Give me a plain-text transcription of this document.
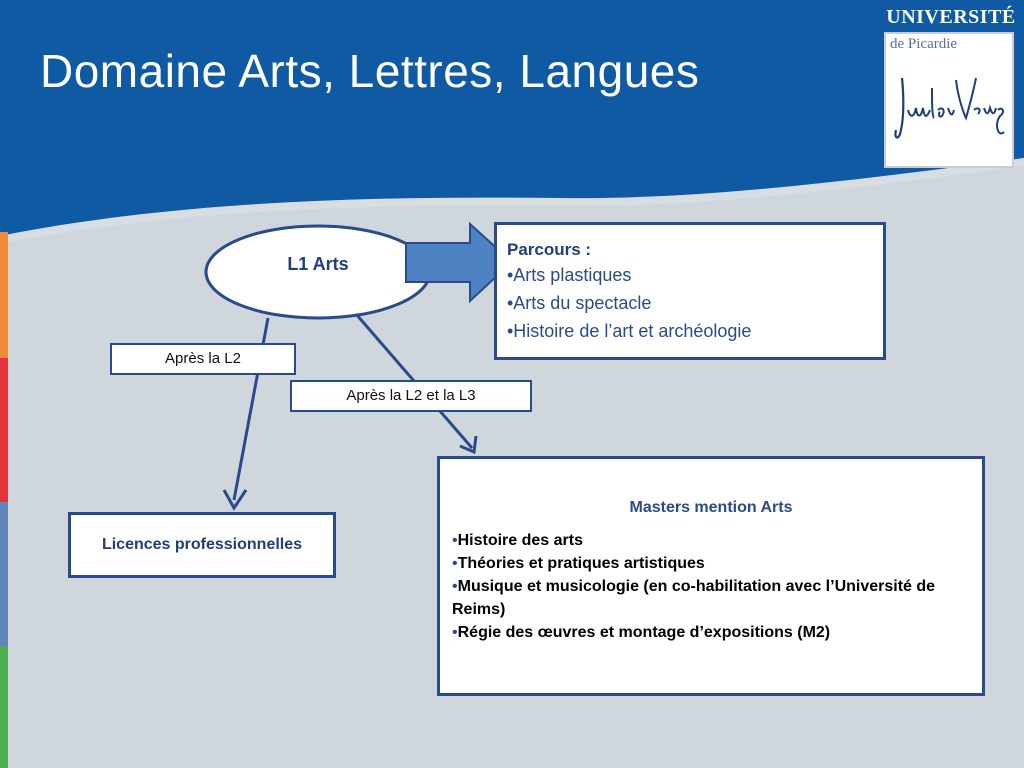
Domaine Arts, Lettres, Langues
UNIVERSITÉ
de Picardie
L1 Arts
Parcours :
•Arts plastiques
•Arts du spectacle
•Histoire de l’art et archéologie
Après la L2
Après la L2 et la L3
Licences professionnelles
Masters mention Arts
•Histoire des arts
•Théories et pratiques artistiques
•Musique et musicologie (en co-habilitation avec l’Université de Reims)
•Régie des œuvres et montage d’expositions (M2)
